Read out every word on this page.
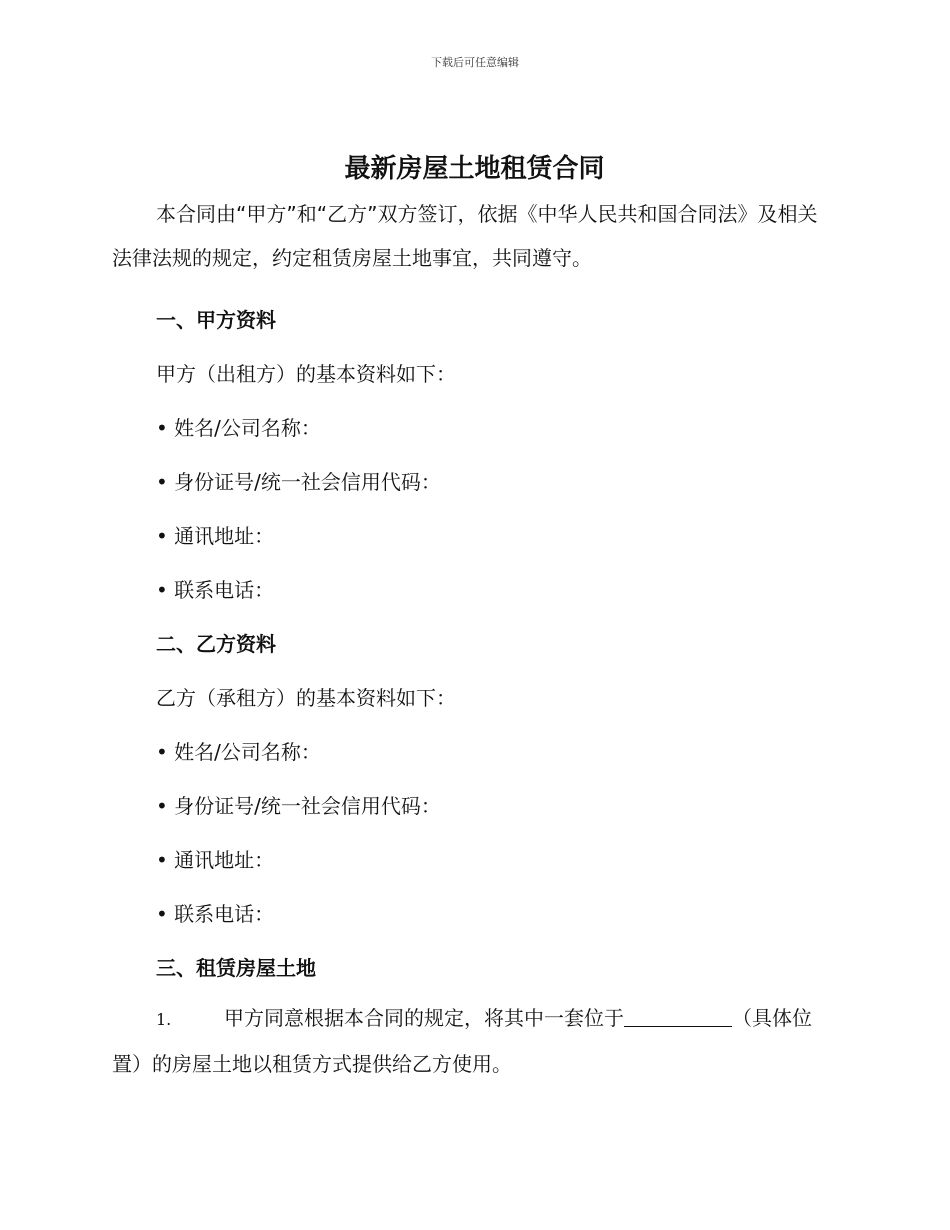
下载后可任意编辑
最新房屋土地租赁合同

本合同由“甲方”和“乙方”双方签订，依据《中华人民共和国合同法》及相关法律法规的规定，约定租赁房屋土地事宜，共同遵守。

一、甲方资料

甲方（出租方）的基本资料如下：

• 姓名/公司名称：

• 身份证号/统一社会信用代码：

• 通讯地址：

• 联系电话：

二、乙方资料

乙方（承租方）的基本资料如下：

• 姓名/公司名称：

• 身份证号/统一社会信用代码：

• 通讯地址：

• 联系电话：

三、租赁房屋土地

1.	甲方同意根据本合同的规定，将其中一套位于	（具体位置）的房屋土地以租赁方式提供给乙方使用。
